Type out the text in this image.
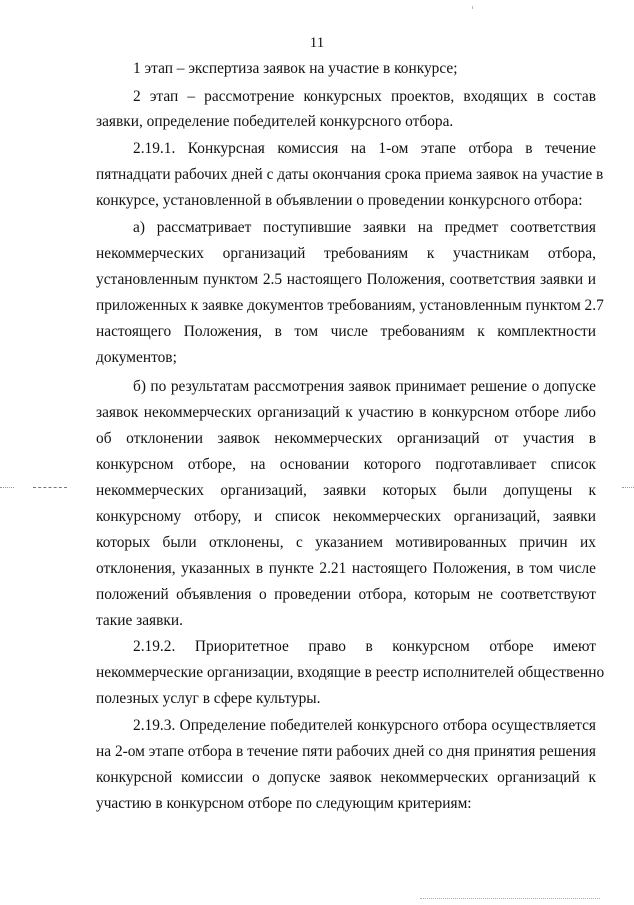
11
1 этап – экспертиза заявок на участие в конкурсе;
2 этап – рассмотрение конкурсных проектов, входящих в состав
заявки, определение победителей конкурсного отбора.
2.19.1. Конкурсная комиссия на 1-ом этапе отбора в течение
пятнадцати рабочих дней с даты окончания срока приема заявок на участие в
конкурсе, установленной в объявлении о проведении конкурсного отбора:
а) рассматривает поступившие заявки на предмет соответствия
некоммерческих организаций требованиям к участникам отбора,
установленным пунктом 2.5 настоящего Положения, соответствия заявки и
приложенных к заявке документов требованиям, установленным пунктом 2.7
настоящего Положения, в том числе требованиям к комплектности
документов;
б) по результатам рассмотрения заявок принимает решение о допуске
заявок некоммерческих организаций к участию в конкурсном отборе либо
об отклонении заявок некоммерческих организаций от участия в
конкурсном отборе, на основании которого подготавливает список
некоммерческих организаций, заявки которых были допущены к
конкурсному отбору, и список некоммерческих организаций, заявки
которых были отклонены, с указанием мотивированных причин их
отклонения, указанных в пункте 2.21 настоящего Положения, в том числе
положений объявления о проведении отбора, которым не соответствуют
такие заявки.
2.19.2. Приоритетное право в конкурсном отборе имеют
некоммерческие организации, входящие в реестр исполнителей общественно
полезных услуг в сфере культуры.
2.19.3. Определение победителей конкурсного отбора осуществляется
на 2-ом этапе отбора в течение пяти рабочих дней со дня принятия решения
конкурсной комиссии о допуске заявок некоммерческих организаций к
участию в конкурсном отборе по следующим критериям:
